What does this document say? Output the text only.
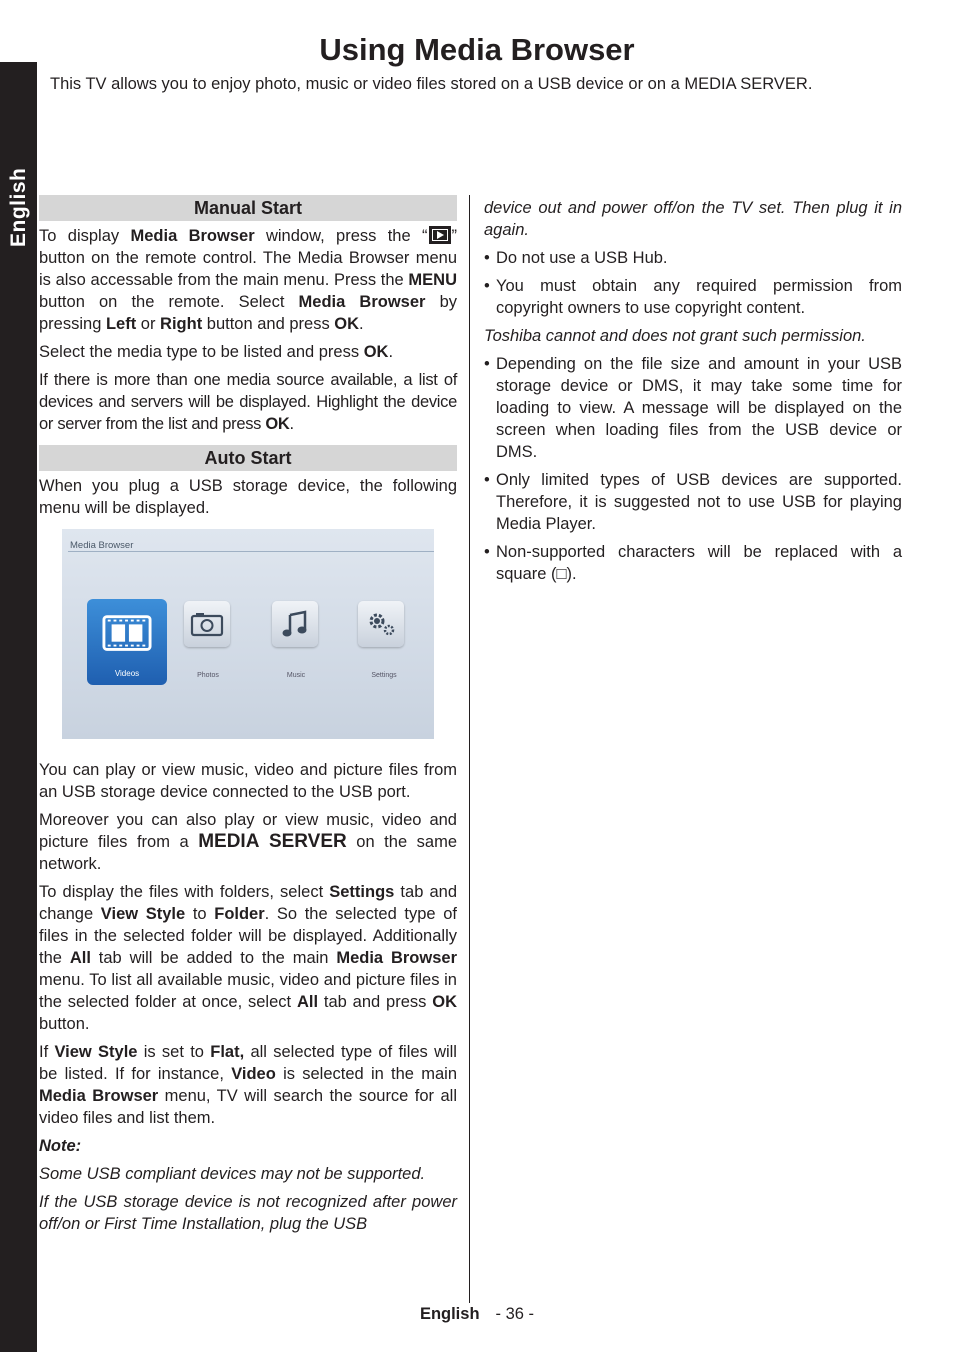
Using Media Browser

This TV allows you to enjoy photo, music or video files stored on a USB device or on a MEDIA SERVER.

English	Manual Start

To display Media Browser window, press the “ ” button on the remote control. The Media Browser menu is also accessable from the main menu. Press the MENU button on the remote. Select Media Browser by pressing Left or Right button and press OK.

Select the media type to be listed and press OK.

If there is more than one media source available, a list of devices and servers will be displayed. Highlight the device or server from the list and press OK.

Auto Start

When you plug a USB storage device, the following menu will be displayed.

Media Browser
Videos	Photos	Music	Settings

You can play or view music, video and picture files from an USB storage device connected to the USB port.

Moreover you can also play or view music, video and picture files from a MEDIA SERVER on the same network.

To display the files with folders, select Settings tab and change View Style to Folder. So the selected type of files in the selected folder will be displayed. Additionally the All tab will be added to the main Media Browser menu. To list all available music, video and picture files in the selected folder at once, select All tab and press OK button.

If View Style is set to Flat, all selected type of files will be listed. If for instance, Video is selected in the main Media Browser menu, TV will search the source for all video files and list them.

Note:

Some USB compliant devices may not be supported.

If the USB storage device is not recognized after power off/on or First Time Installation, plug the USB

device out and power off/on the TV set. Then plug it in again.

• Do not use a USB Hub.
• You must obtain any required permission from copyright owners to use copyright content.

Toshiba cannot and does not grant such permission.

• Depending on the file size and amount in your USB storage device or DMS, it may take some time for loading to view. A message will be displayed on the screen when loading files from the USB device or DMS.
• Only limited types of USB devices are supported. Therefore, it is suggested not to use USB for playing Media Player.
• Non-supported characters will be replaced with a square (□).
English - 36 -
